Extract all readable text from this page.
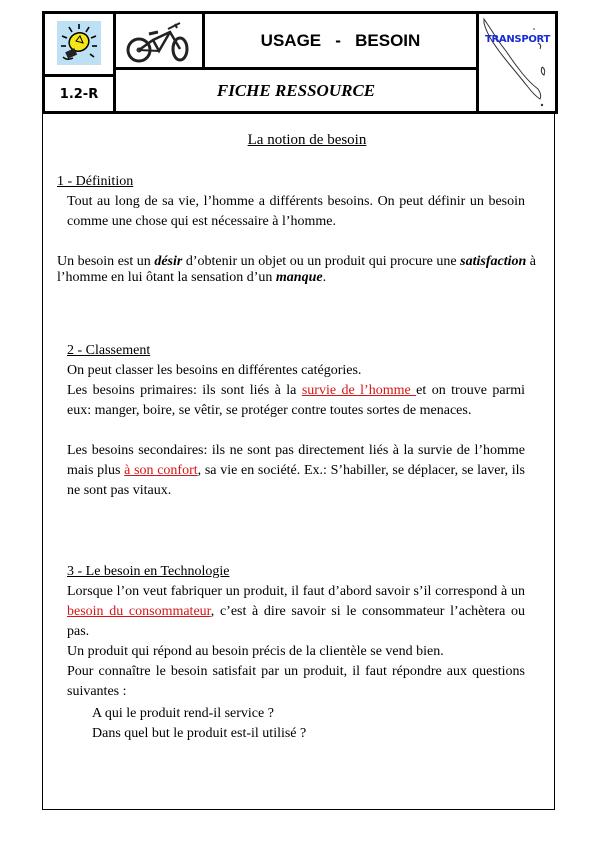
1.2-R
USAGE   -   BESOIN
FICHE RESSOURCE
TRANSPORT
La notion de besoin
1 - Définition
Tout au long de sa vie, l’homme a différents besoins. On peut définir un besoin
comme une chose qui est nécessaire à l’homme.
Un besoin est un désir d’obtenir un objet ou un produit qui procure une satisfaction à
l’homme en lui ôtant la sensation d’un manque.
2 - Classement
On peut classer les besoins en différentes catégories.
Les besoins primaires: ils sont liés à la survie de l’homme et on trouve parmi
eux: manger, boire, se vêtir, se protéger contre toutes sortes de menaces.
Les besoins secondaires: ils ne sont pas directement liés à la survie de l’homme
mais plus à son confort, sa vie en société. Ex.: S’habiller, se déplacer, se laver, ils
ne sont pas vitaux.
3 - Le besoin en Technologie
Lorsque l’on veut fabriquer un produit, il faut d’abord savoir s’il correspond à un
besoin du consommateur, c’est à dire savoir si le consommateur l’achètera ou
pas.
Un produit qui répond au besoin précis de la clientèle se vend bien.
Pour connaître le besoin satisfait par un produit, il faut répondre aux questions
suivantes :
A qui le produit rend-il service ?
Dans quel but le produit est-il utilisé ?
